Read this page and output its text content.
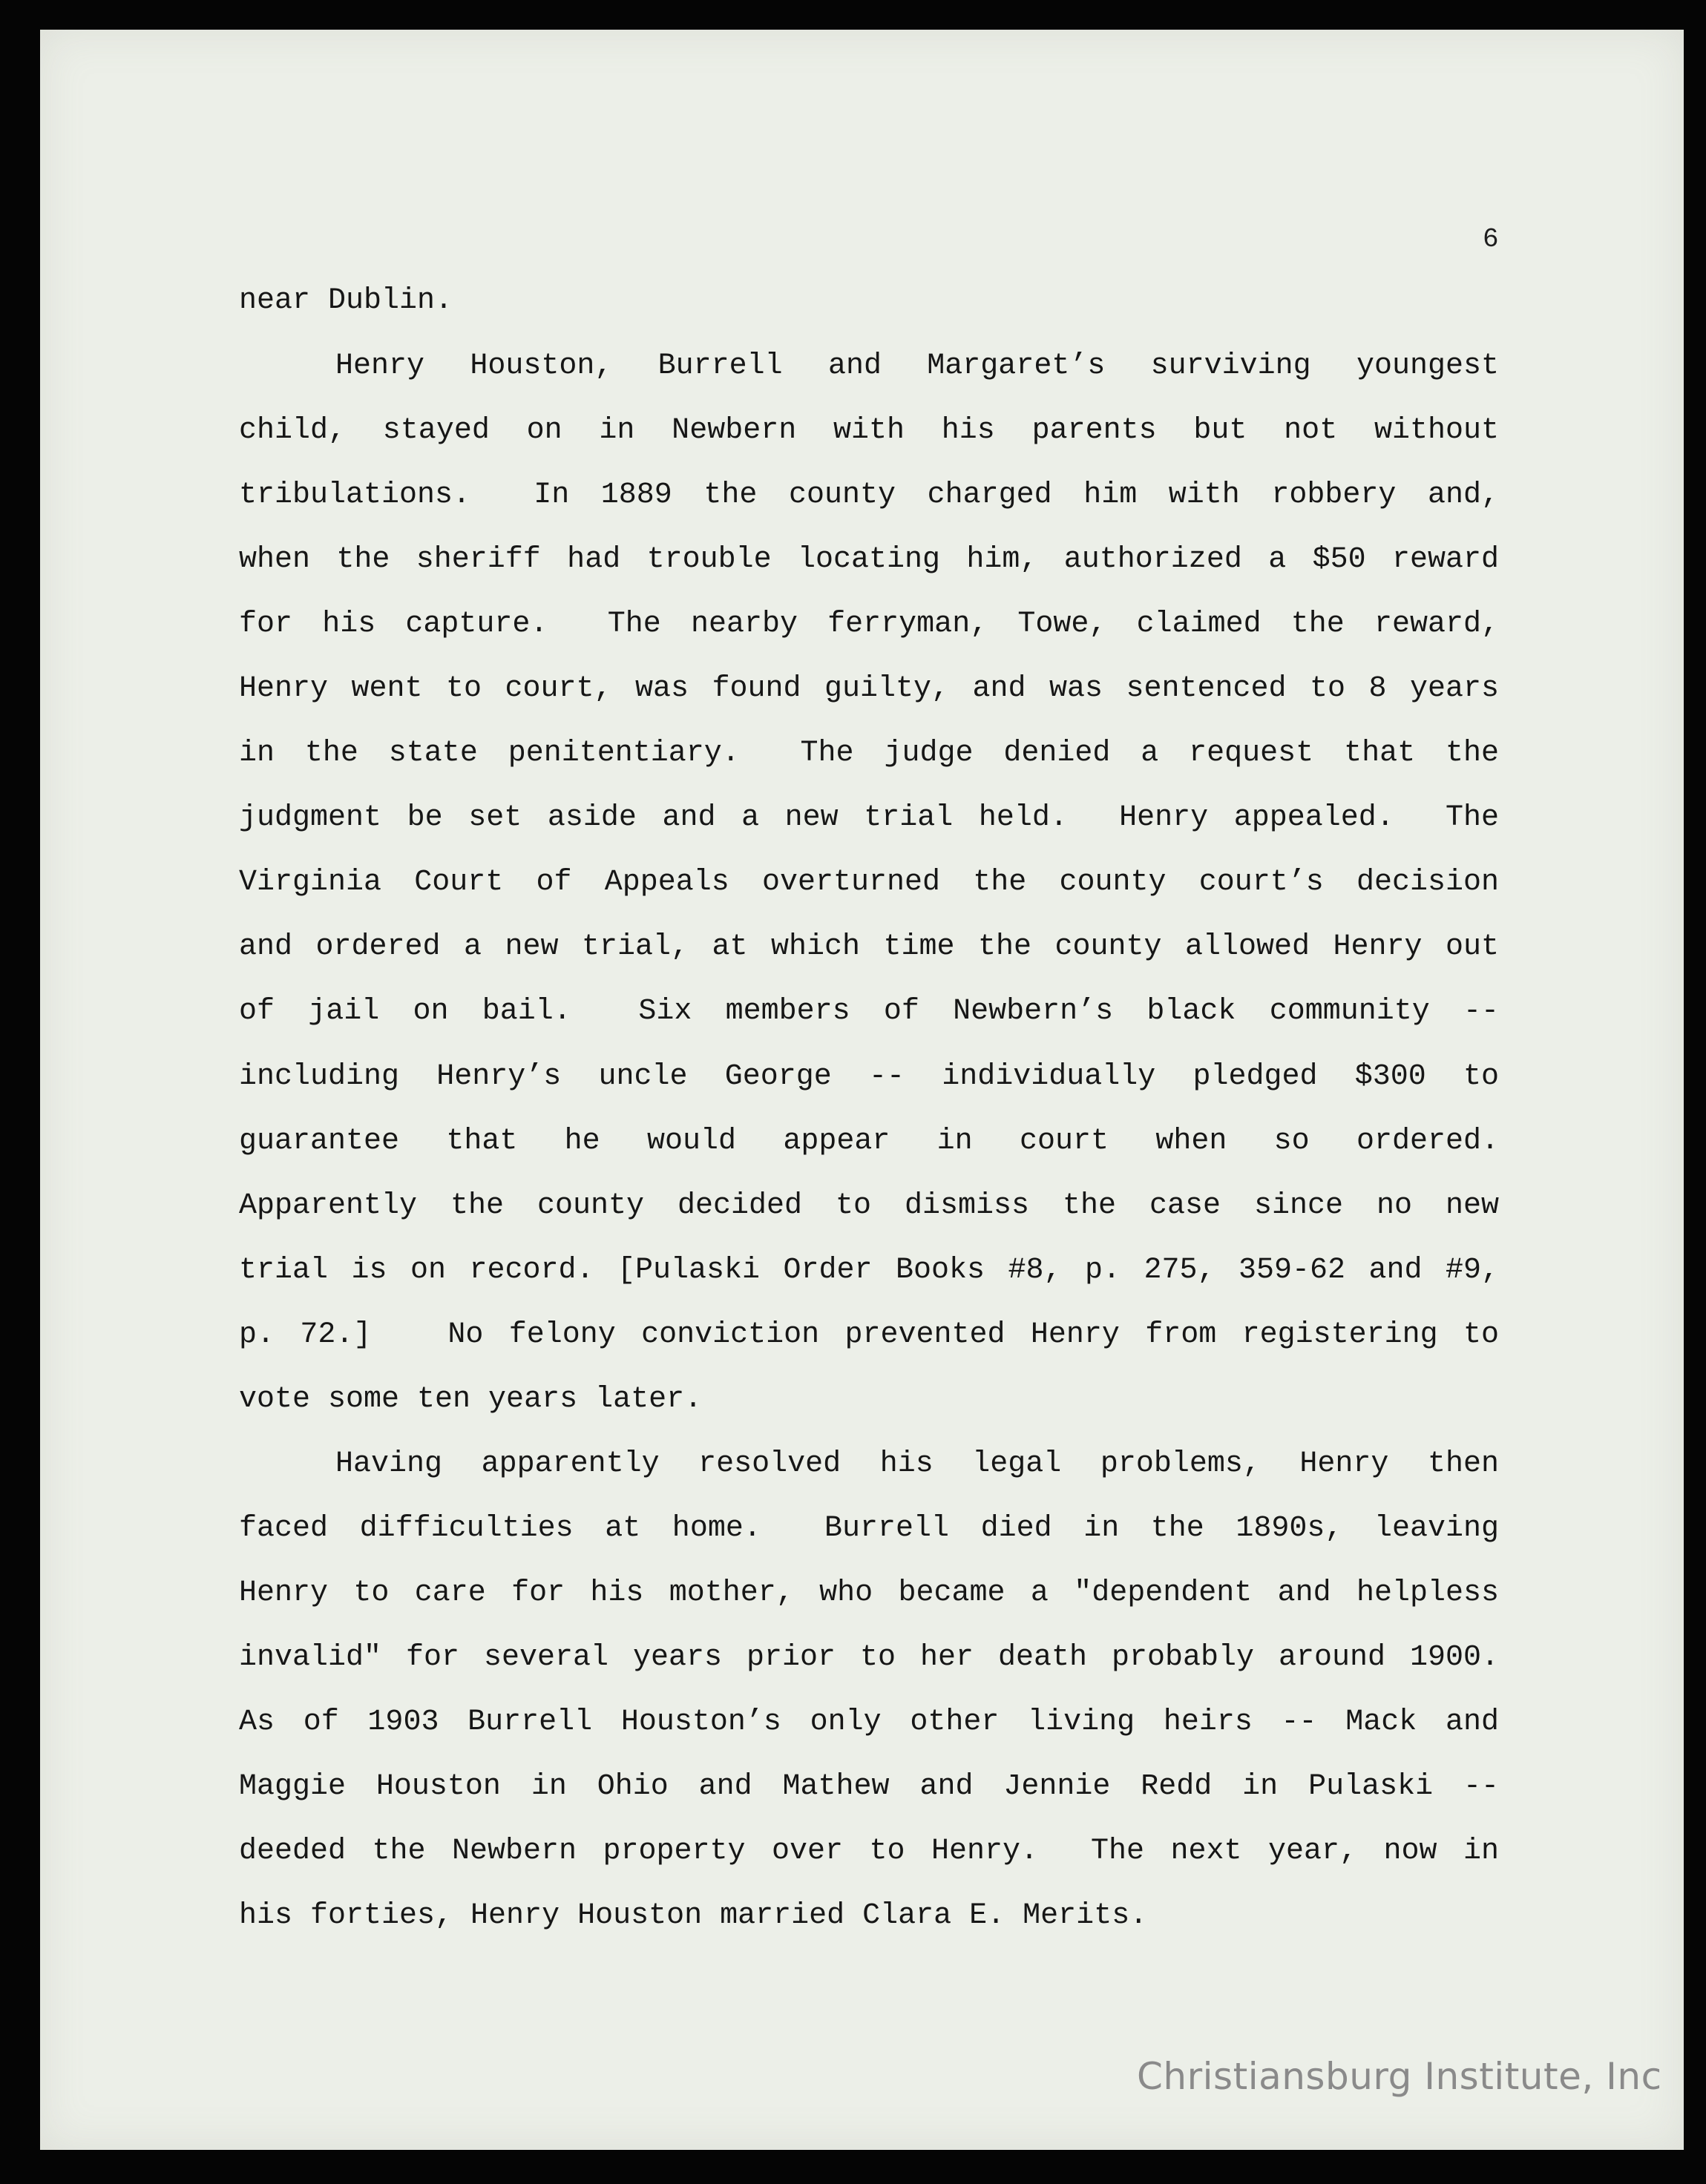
6
near Dublin.
Henry Houston, Burrell and Margaret’s surviving youngest
child, stayed on in Newbern with his parents but not without
tribulations.  In 1889 the county charged him with robbery and,
when the sheriff had trouble locating him, authorized a $50 reward
for his capture.  The nearby ferryman, Towe, claimed the reward,
Henry went to court, was found guilty, and was sentenced to 8 years
in the state penitentiary.  The judge denied a request that the
judgment be set aside and a new trial held.  Henry appealed.  The
Virginia Court of Appeals overturned the county court’s decision
and ordered a new trial, at which time the county allowed Henry out
of jail on bail.  Six members of Newbern’s black community --
including Henry’s uncle George -- individually pledged $300 to
guarantee that he would appear in court when so ordered.
Apparently the county decided to dismiss the case since no new
trial is on record. [Pulaski Order Books #8, p. 275, 359-62 and #9,
p. 72.]   No felony conviction prevented Henry from registering to
vote some ten years later.
Having apparently resolved his legal problems, Henry then
faced difficulties at home.  Burrell died in the 1890s, leaving
Henry to care for his mother, who became a "dependent and helpless
invalid" for several years prior to her death probably around 1900.
As of 1903 Burrell Houston’s only other living heirs -- Mack and
Maggie Houston in Ohio and Mathew and Jennie Redd in Pulaski --
deeded the Newbern property over to Henry.  The next year, now in
his forties, Henry Houston married Clara E. Merits.
Christiansburg Institute, Inc
